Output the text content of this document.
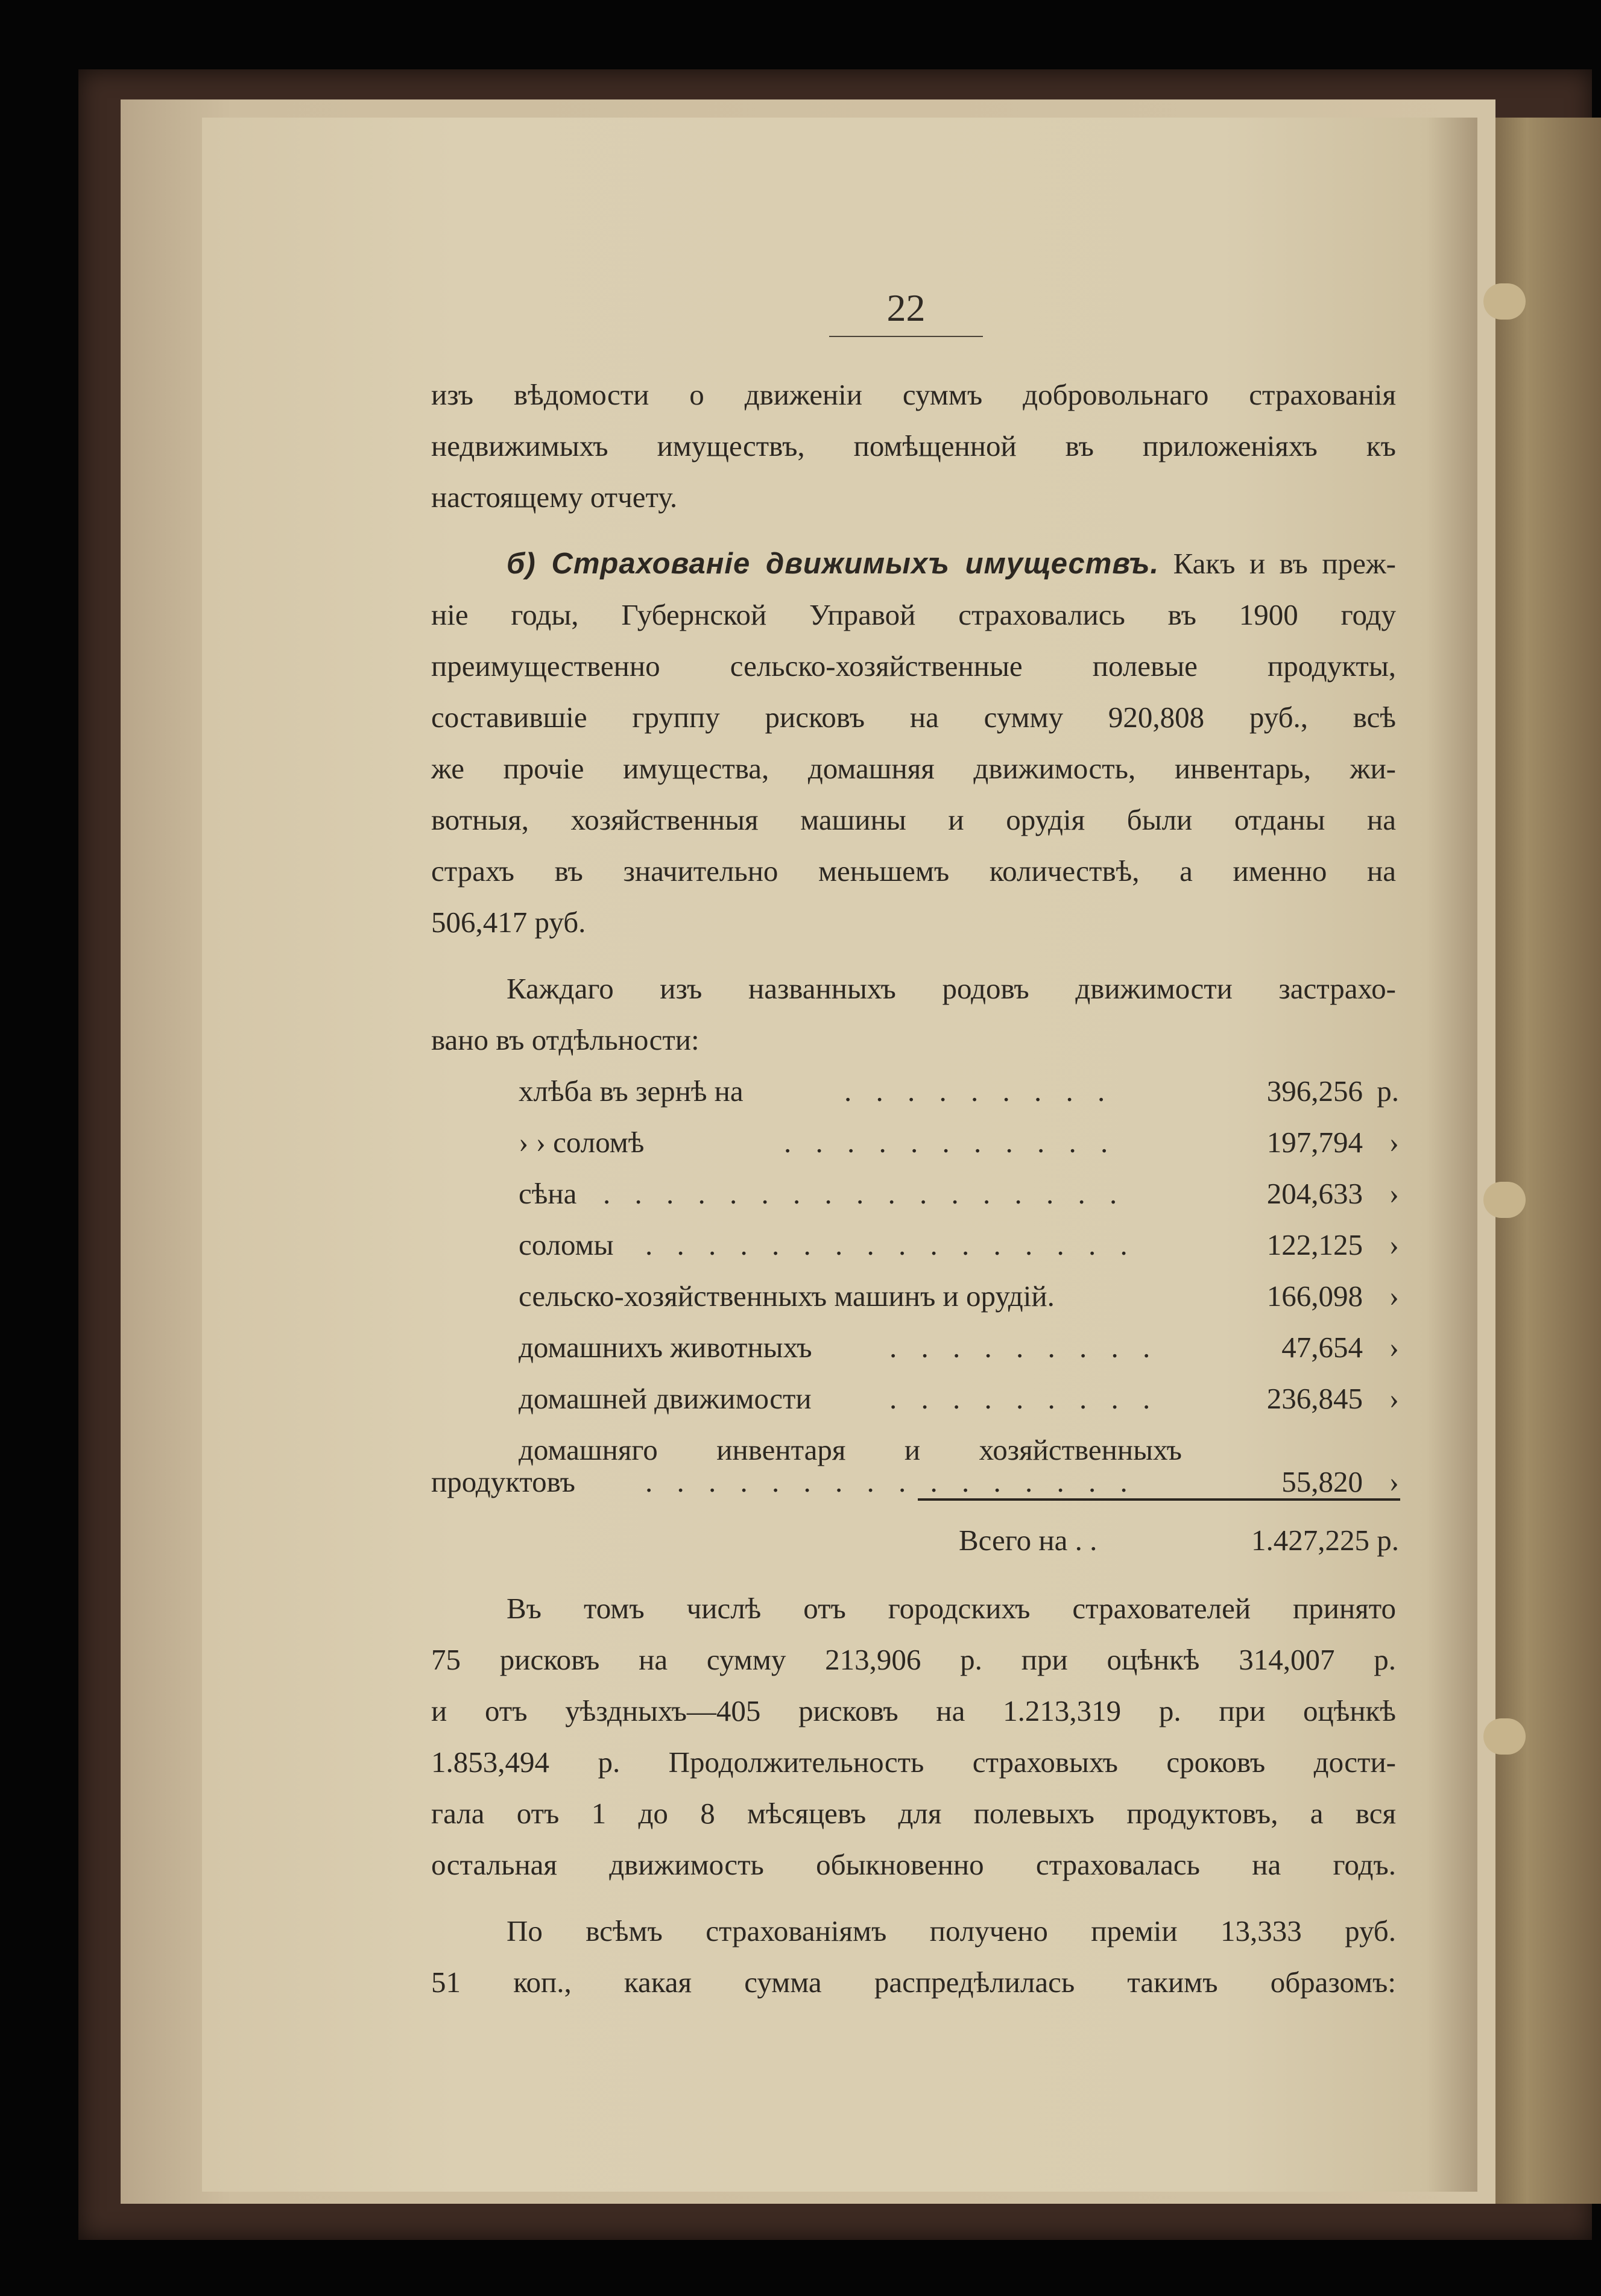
22
изъ вѣдомости о движеніи суммъ добровольнаго страхованія
недвижимыхъ имуществъ, помѣщенной въ приложеніяхъ къ
настоящему отчету.
б) Страхованіе движимыхъ имуществъ. Какъ и въ преж-
ніе годы, Губернской Управой страховались въ 1900 году
преимущественно сельско-хозяйственные полевые продукты,
составившіе группу рисковъ на сумму 920,808 руб., всѣ
же прочіе имущества, домашняя движимость, инвентарь, жи-
вотныя, хозяйственныя машины и орудія были отданы на
страхъ въ значительно меньшемъ количествѣ, а именно на
506,417 руб.
Каждаго изъ названныхъ родовъ движимости застрахо-
вано въ отдѣльности:
хлѣба въ зернѣ на	. . . . . . . . .	396,256 р.
› › соломѣ	. . . . . . . . . . .	197,794 ›
сѣна . . . . . . . . . . . . . . . . .	204,633 ›
соломы . . . . . . . . . . . . . . . .	122,125 ›
сельско-хозяйственныхъ машинъ и орудій.	166,098 ›
домашнихъ животныхъ	. . . . . . . . .	47,654 ›
домашней движимости	. . . . . . . . .	236,845 ›
домашняго инвентаря и хозяйственныхъ
продуктовъ . . . . . . . . . . . . . . . .	55,820 ›
Всего на . .	1.427,225 р.
Въ томъ числѣ отъ городскихъ страхователей принято
75 рисковъ на сумму 213,906 р. при оцѣнкѣ 314,007 р.
и отъ уѣздныхъ—405 рисковъ на 1.213,319 р. при оцѣнкѣ
1.853,494 р. Продолжительность страховыхъ сроковъ дости-
гала отъ 1 до 8 мѣсяцевъ для полевыхъ продуктовъ, а вся
остальная движимость обыкновенно страховалась на годъ.
По всѣмъ страхованіямъ получено преміи 13,333 руб.
51 коп., какая сумма распредѣлилась такимъ образомъ:
